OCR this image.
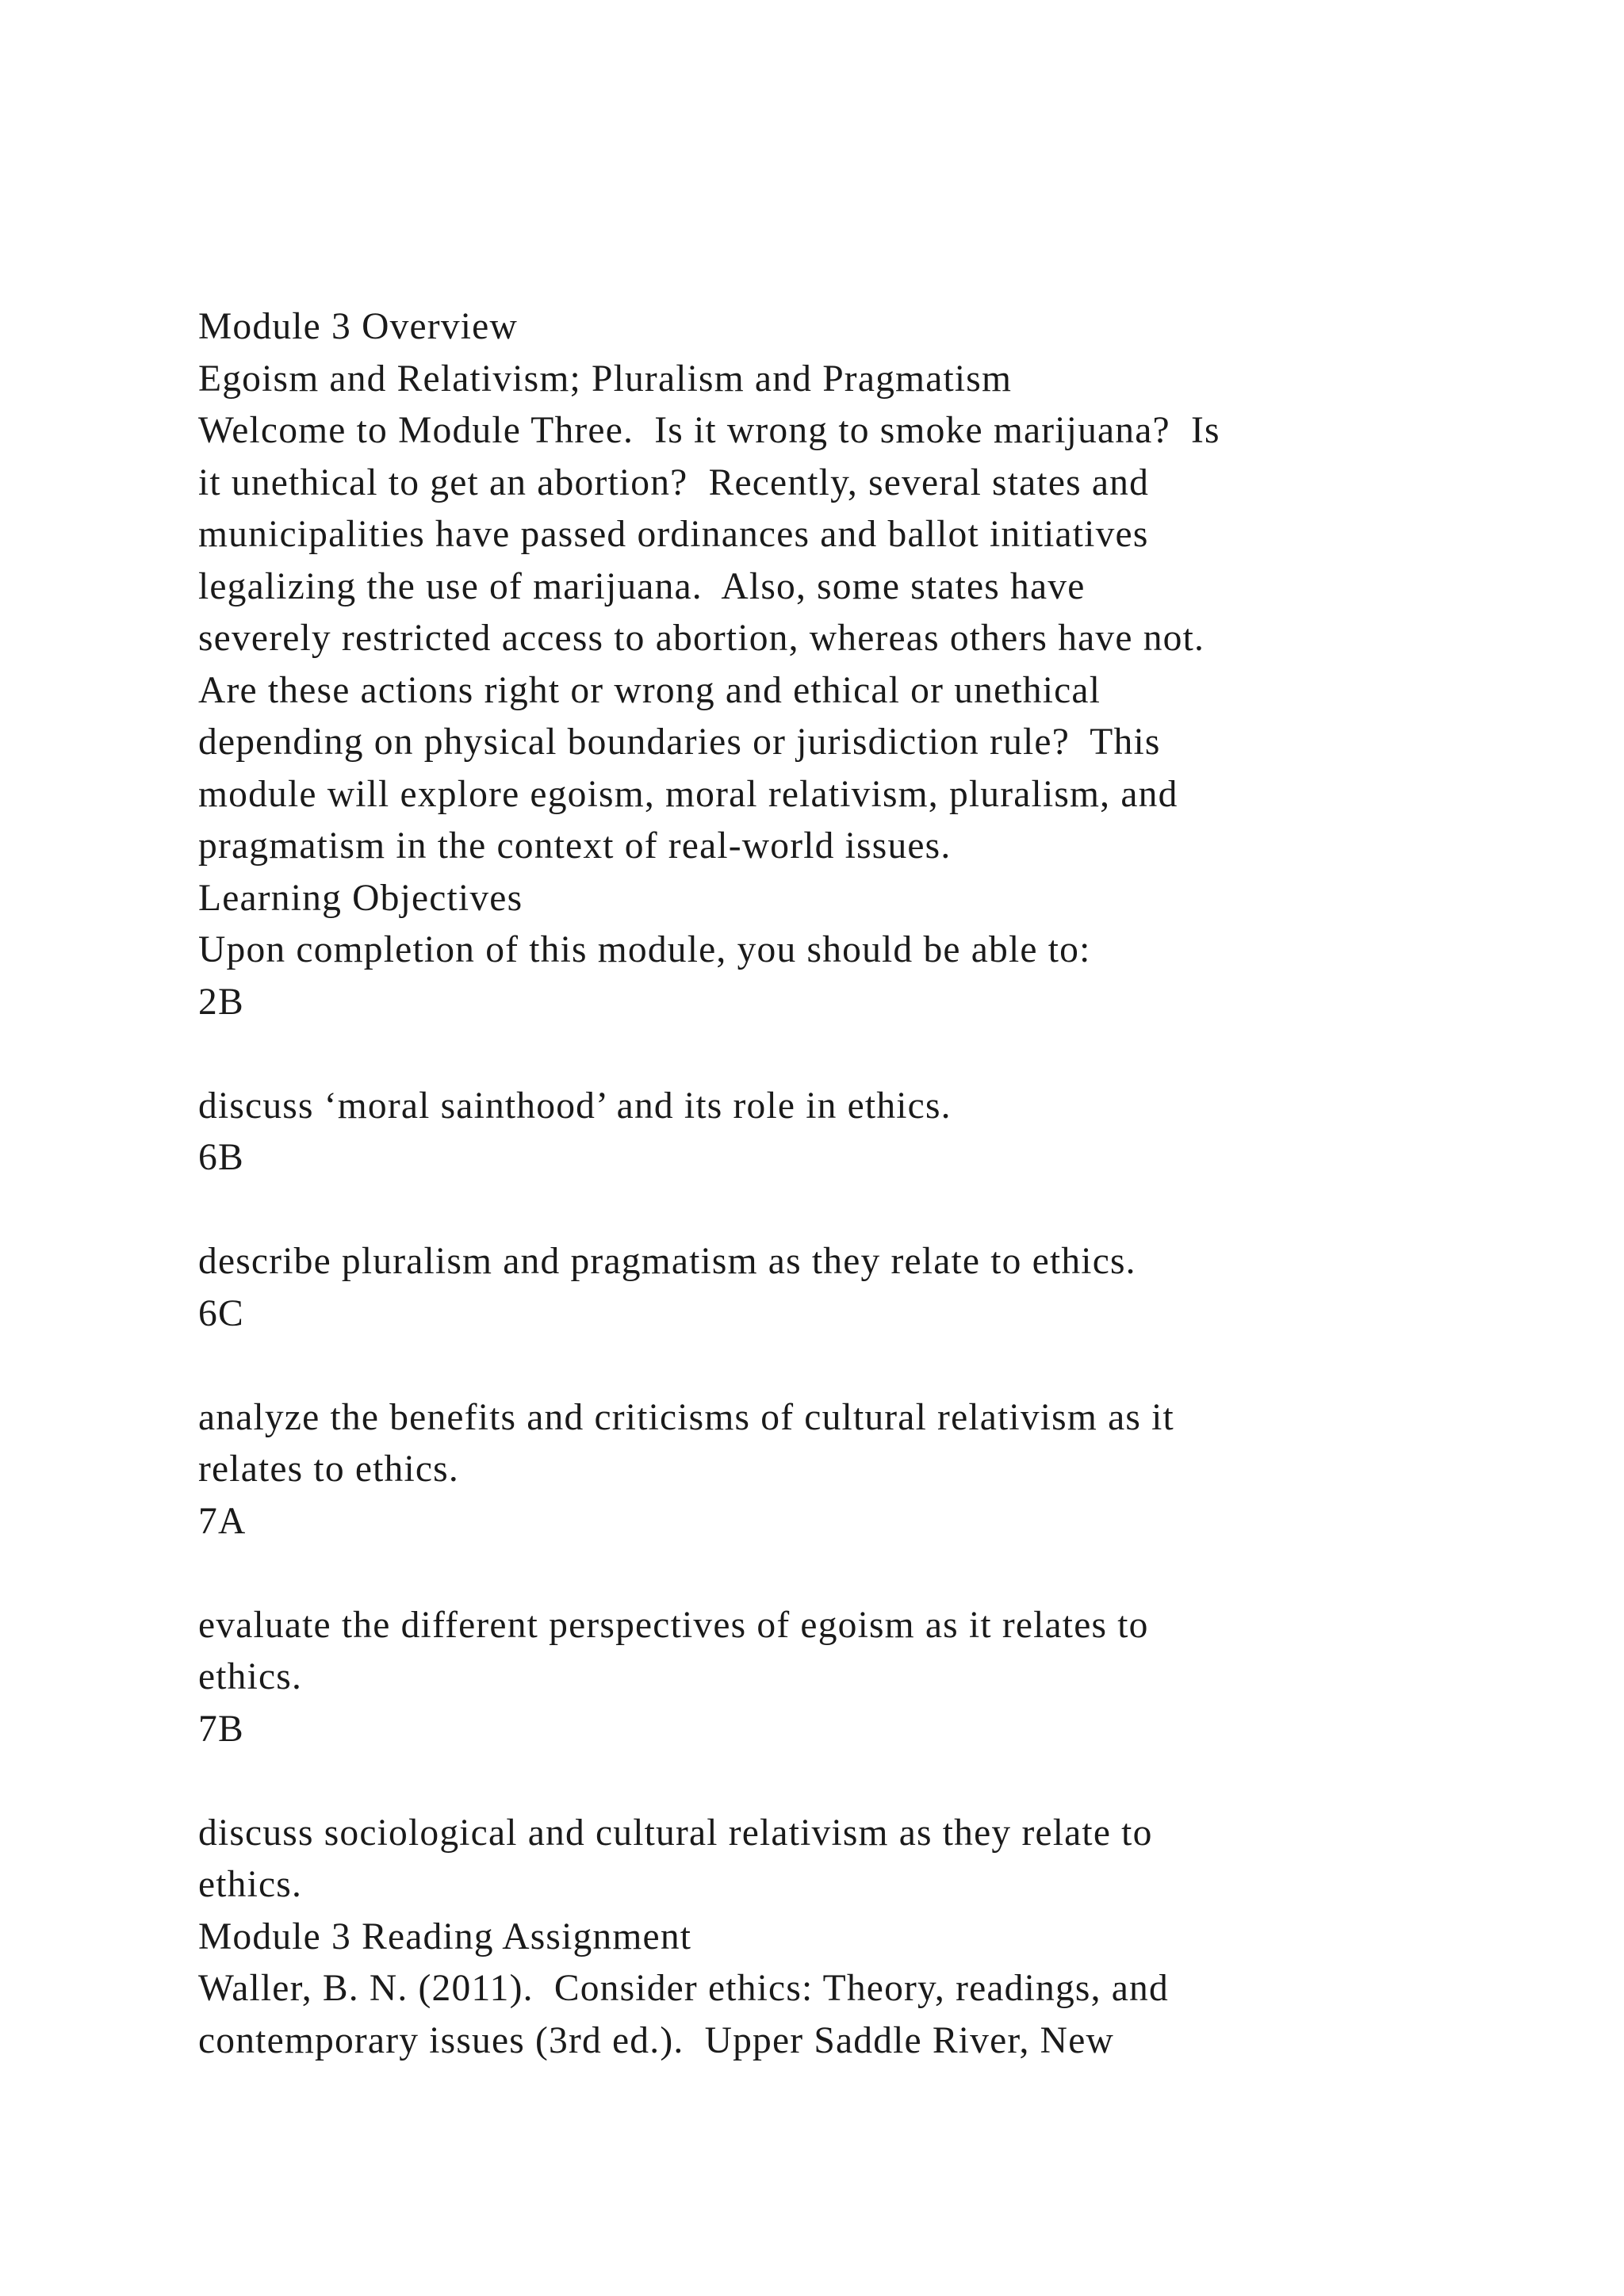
Module 3 Overview
Egoism and Relativism; Pluralism and Pragmatism
Welcome to Module Three.  Is it wrong to smoke marijuana?  Is
it unethical to get an abortion?  Recently, several states and
municipalities have passed ordinances and ballot initiatives
legalizing the use of marijuana.  Also, some states have
severely restricted access to abortion, whereas others have not.
Are these actions right or wrong and ethical or unethical
depending on physical boundaries or jurisdiction rule?  This
module will explore egoism, moral relativism, pluralism, and
pragmatism in the context of real-world issues.
Learning Objectives
Upon completion of this module, you should be able to:
2B
discuss ‘moral sainthood’ and its role in ethics.
6B
describe pluralism and pragmatism as they relate to ethics.
6C
analyze the benefits and criticisms of cultural relativism as it
relates to ethics.
7A
evaluate the different perspectives of egoism as it relates to
ethics.
7B
discuss sociological and cultural relativism as they relate to
ethics.
Module 3 Reading Assignment
Waller, B. N. (2011).  Consider ethics: Theory, readings, and
contemporary issues (3rd ed.).  Upper Saddle River, New
